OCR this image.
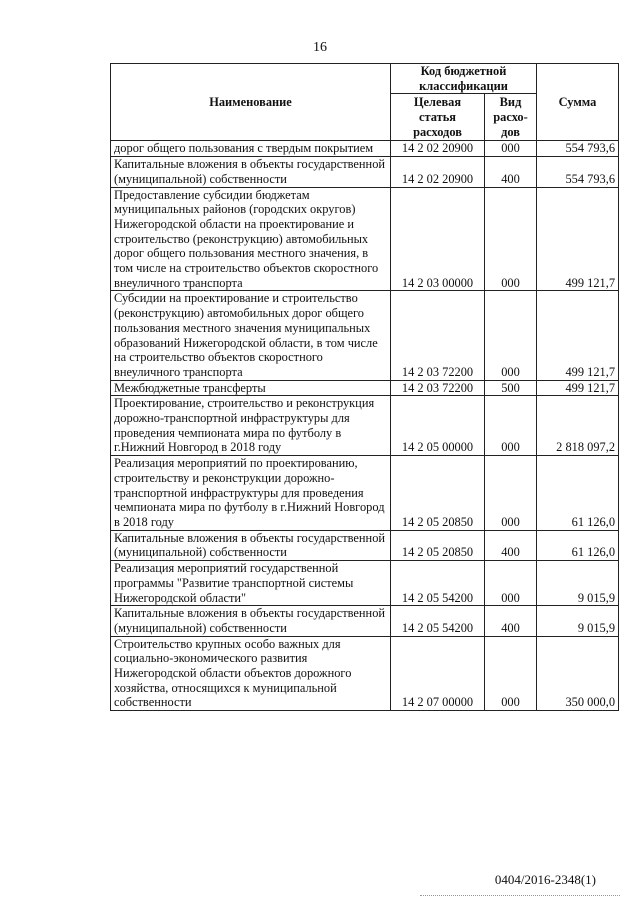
16
Наименование	Код бюджетной классификации		Сумма
	Целевая статья расходов	Вид расхо-дов	
дорог общего пользования с твердым покрытием	14 2 02 20900	000	554 793,6
Капитальные вложения в объекты государственной (муниципальной) собственности	14 2 02 20900	400	554 793,6
Предоставление субсидии бюджетам муниципальных районов (городских округов) Нижегородской области на проектирование и строительство (реконструкцию) автомобильных дорог общего пользования местного значения, в том числе на строительство объектов скоростного внеуличного транспорта	14 2 03 00000	000	499 121,7
Субсидии на проектирование и строительство (реконструкцию) автомобильных дорог общего пользования местного значения муниципальных образований Нижегородской области, в том числе на строительство объектов скоростного внеуличного транспорта	14 2 03 72200	000	499 121,7
Межбюджетные трансферты	14 2 03 72200	500	499 121,7
Проектирование, строительство и реконструкция дорожно-транспортной инфраструктуры для проведения чемпионата мира по футболу в г.Нижний Новгород в 2018 году	14 2 05 00000	000	2 818 097,2
Реализация мероприятий по проектированию, строительству и реконструкции дорожно-транспортной инфраструктуры для проведения чемпионата мира по футболу в г.Нижний Новгород в 2018 году	14 2 05 20850	000	61 126,0
Капитальные вложения в объекты государственной (муниципальной) собственности	14 2 05 20850	400	61 126,0
Реализация мероприятий государственной программы "Развитие транспортной системы Нижегородской области"	14 2 05 54200	000	9 015,9
Капитальные вложения в объекты государственной (муниципальной) собственности	14 2 05 54200	400	9 015,9
Строительство крупных особо важных для социально-экономического развития Нижегородской области объектов дорожного хозяйства, относящихся к муниципальной собственности	14 2 07 00000	000	350 000,0
0404/2016-2348(1)
